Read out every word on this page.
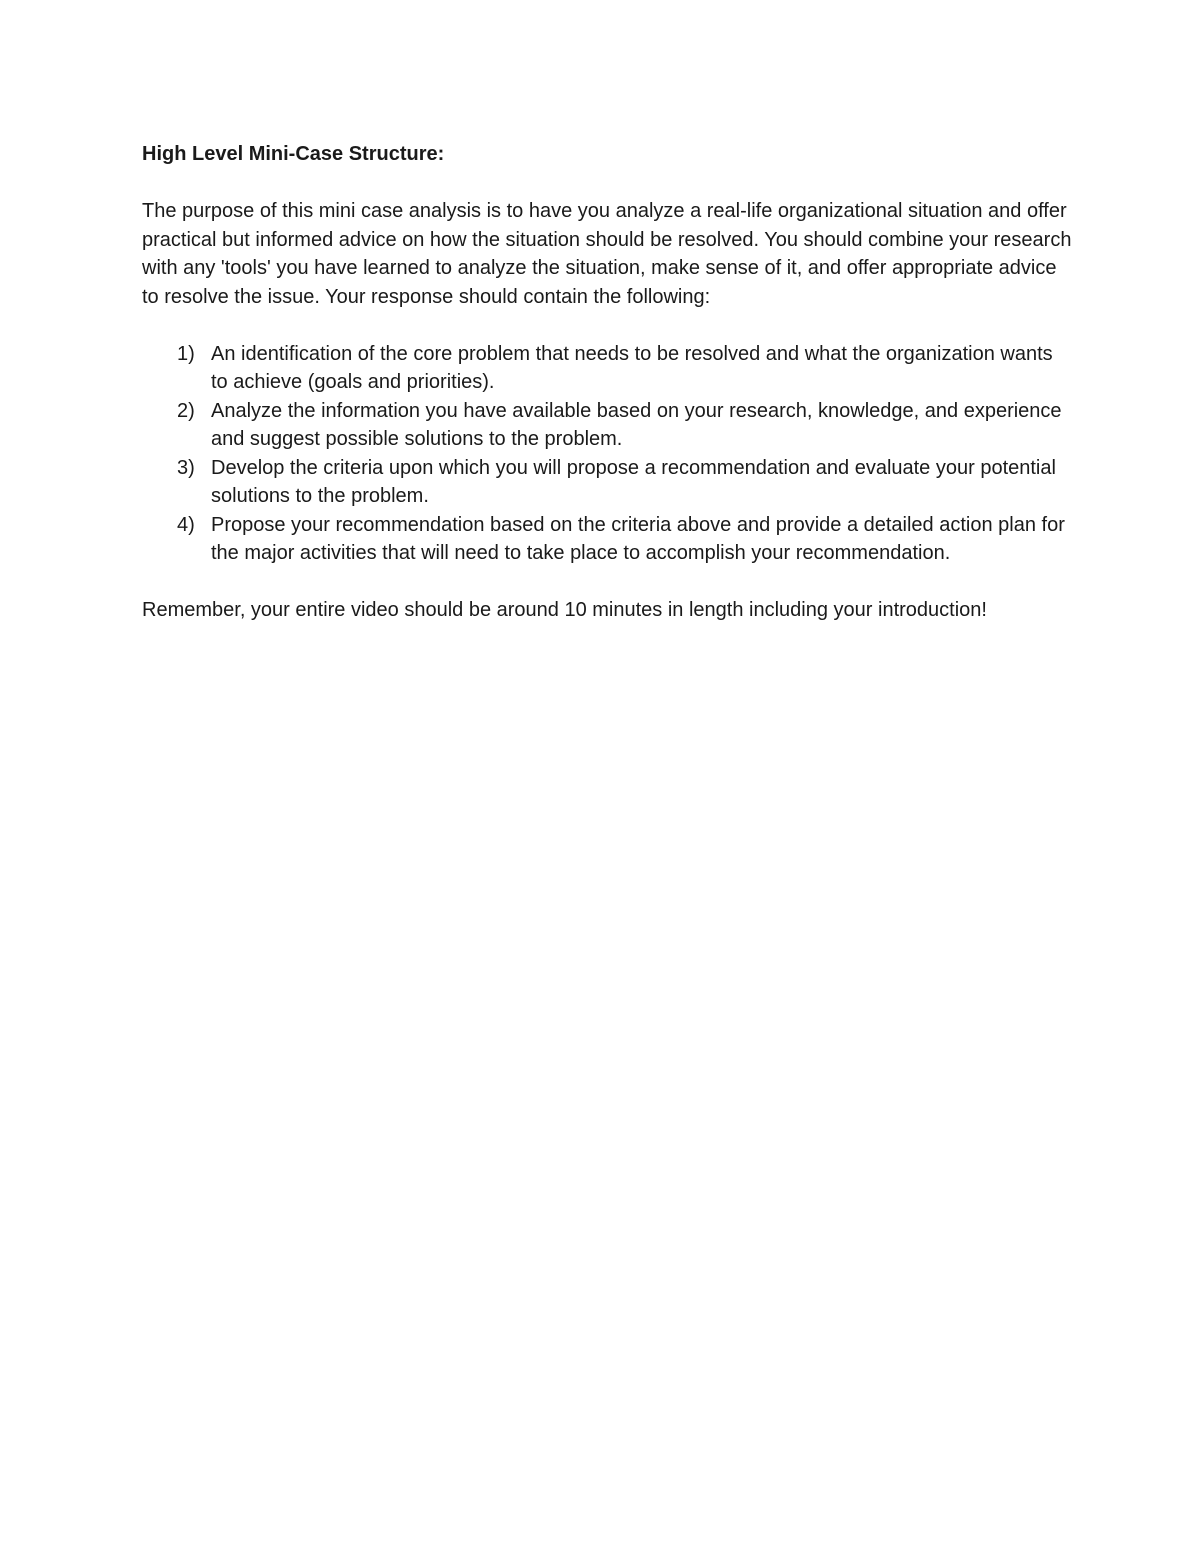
High Level Mini-Case Structure:
The purpose of this mini case analysis is to have you analyze a real-life organizational situation and offer practical but informed advice on how the situation should be resolved. You should combine your research with any 'tools' you have learned to analyze the situation, make sense of it, and offer appropriate advice to resolve the issue. Your response should contain the following:
1) An identification of the core problem that needs to be resolved and what the organization wants to achieve (goals and priorities).
2) Analyze the information you have available based on your research, knowledge, and experience and suggest possible solutions to the problem.
3) Develop the criteria upon which you will propose a recommendation and evaluate your potential solutions to the problem.
4) Propose your recommendation based on the criteria above and provide a detailed action plan for the major activities that will need to take place to accomplish your recommendation.
Remember, your entire video should be around 10 minutes in length including your introduction!
